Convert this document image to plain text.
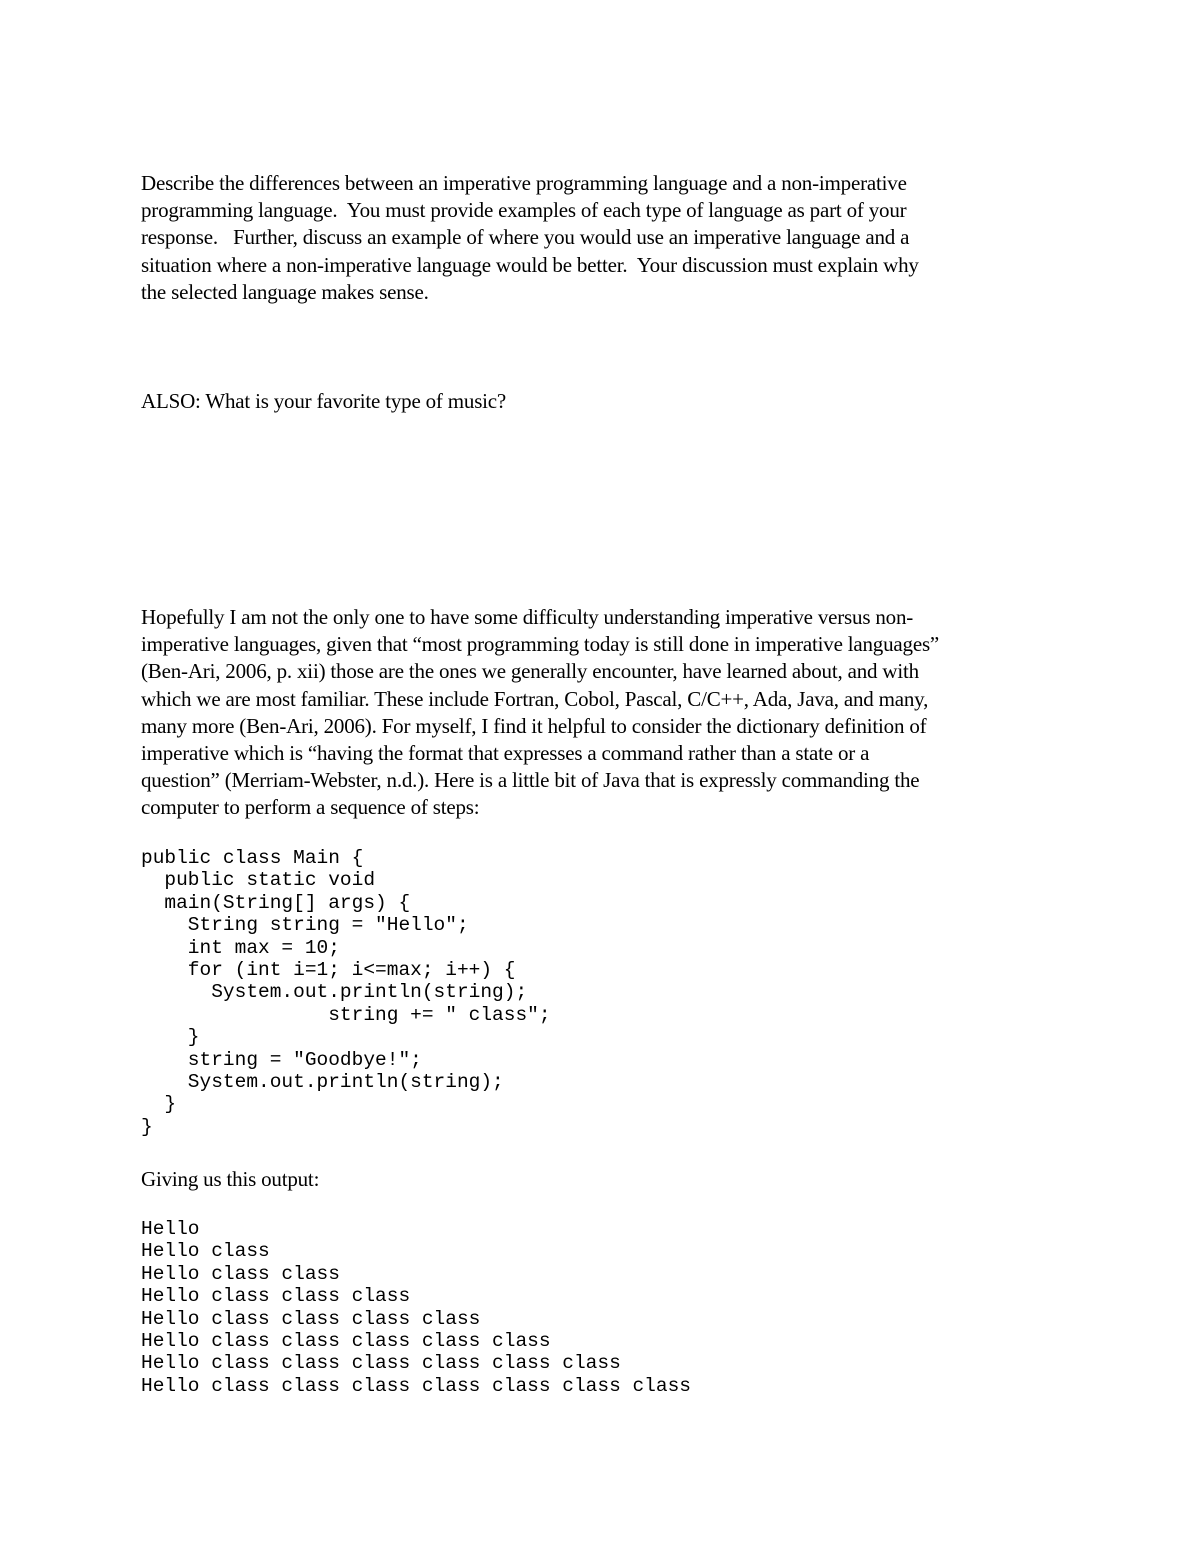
Describe the differences between an imperative programming language and a non-imperative
programming language.  You must provide examples of each type of language as part of your
response.   Further, discuss an example of where you would use an imperative language and a
situation where a non-imperative language would be better.  Your discussion must explain why
the selected language makes sense.
ALSO: What is your favorite type of music?
Hopefully I am not the only one to have some difficulty understanding imperative versus non-
imperative languages, given that “most programming today is still done in imperative languages”
(Ben-Ari, 2006, p. xii) those are the ones we generally encounter, have learned about, and with
which we are most familiar. These include Fortran, Cobol, Pascal, C/C++, Ada, Java, and many,
many more (Ben-Ari, 2006). For myself, I find it helpful to consider the dictionary definition of
imperative which is “having the format that expresses a command rather than a state or a
question” (Merriam-Webster, n.d.). Here is a little bit of Java that is expressly commanding the
computer to perform a sequence of steps:
public class Main {
public static void
main(String[] args) {
String string = "Hello";
int max = 10;
for (int i=1; i<=max; i++) {
System.out.println(string);
string += " class";
}
string = "Goodbye!";
System.out.println(string);
}
}
Giving us this output:
Hello
Hello class
Hello class class
Hello class class class
Hello class class class class
Hello class class class class class
Hello class class class class class class
Hello class class class class class class class
